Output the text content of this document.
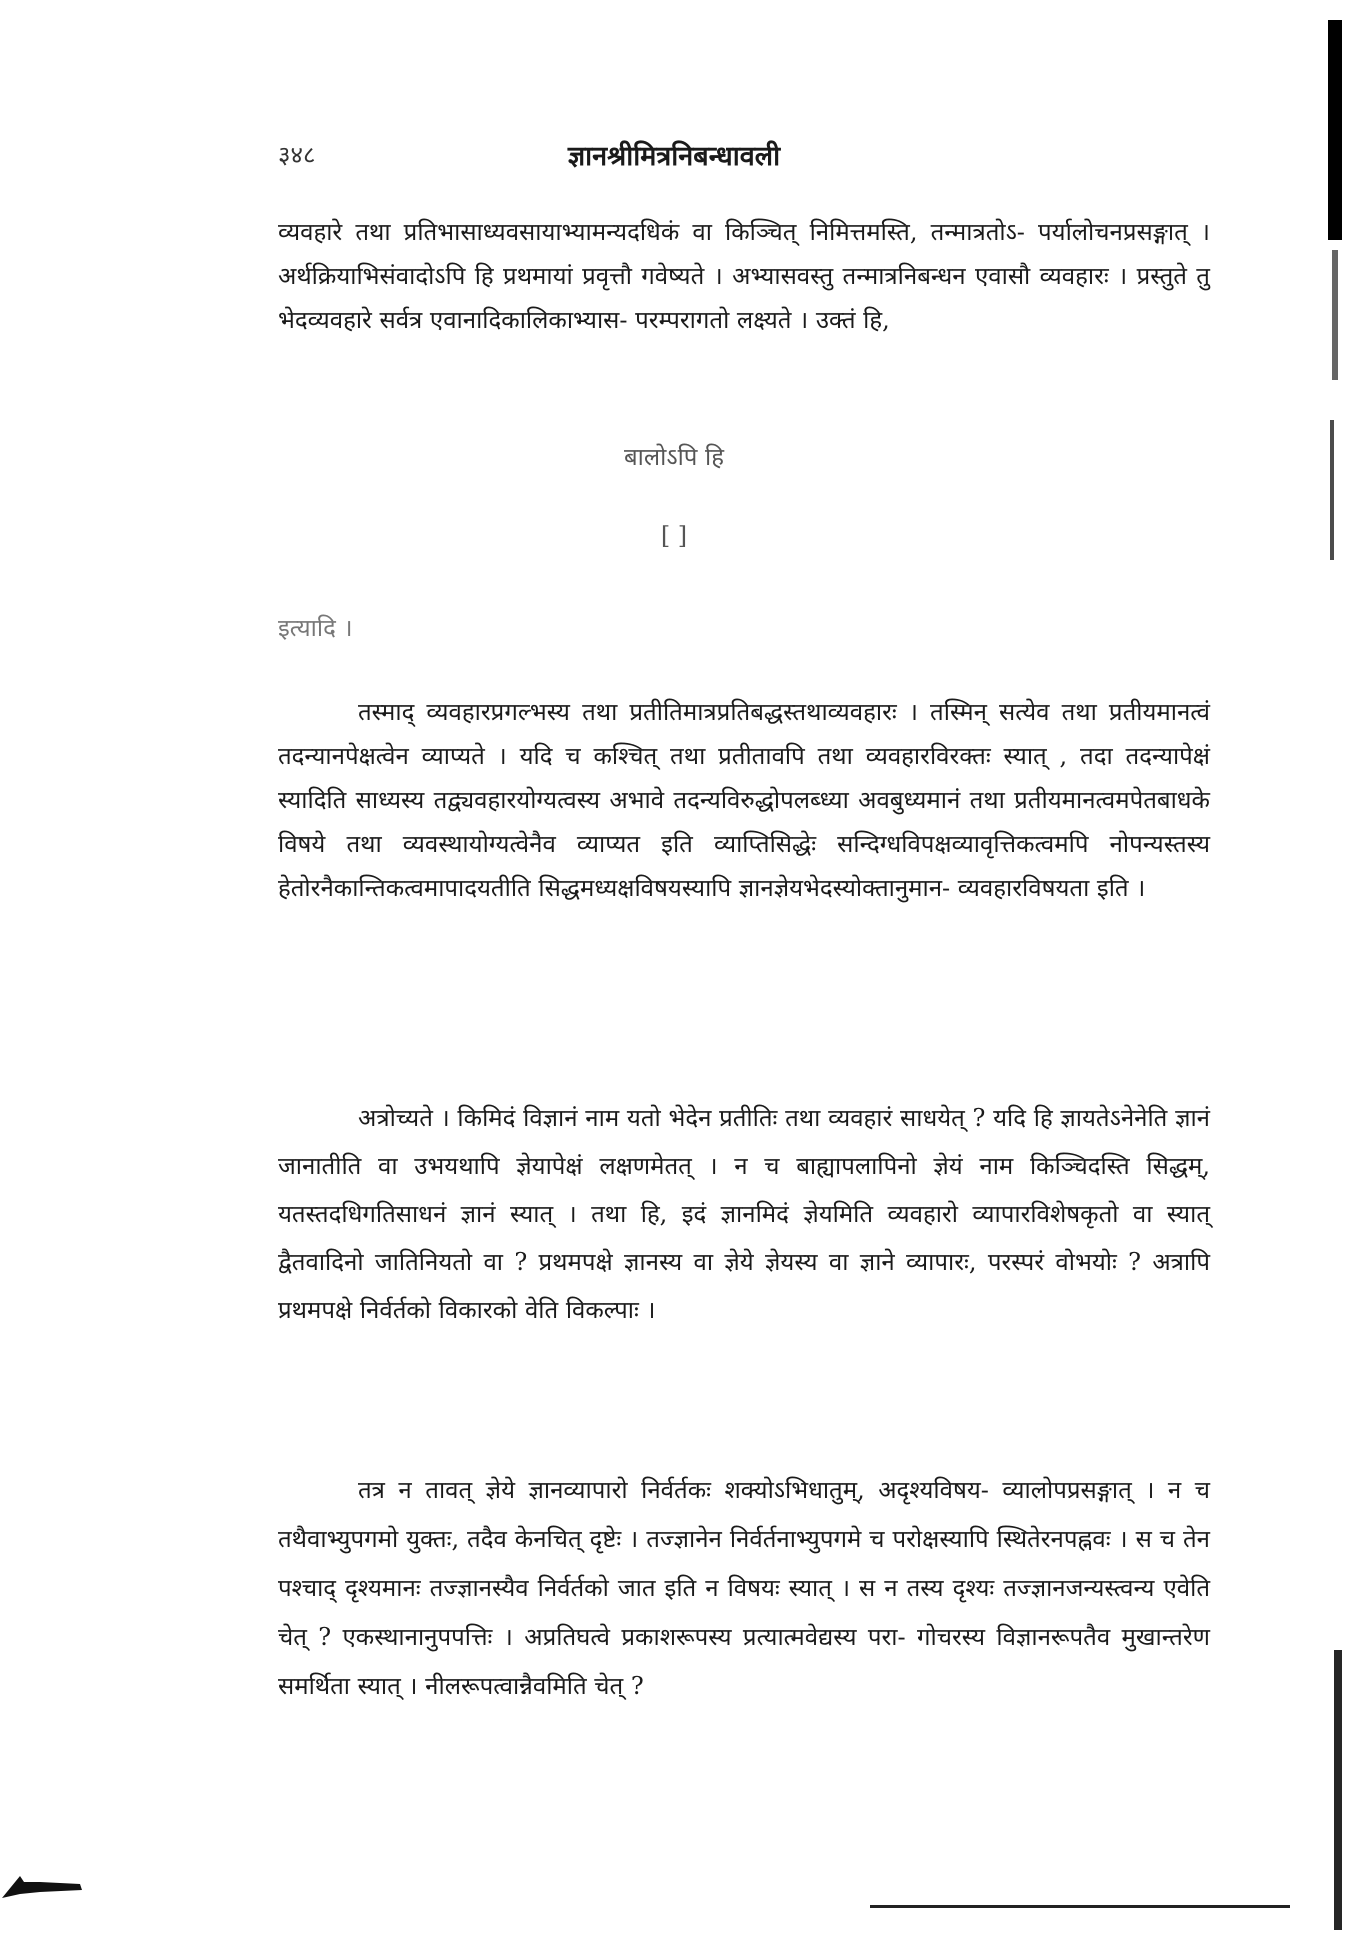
३४८	ज्ञानश्रीमित्रनिबन्धावली

व्यवहारे तथा प्रतिभासाध्यवसायाभ्यामन्यदधिकं वा किञ्चित् निमित्तमस्ति, तन्मात्रतोऽ- पर्यालोचनप्रसङ्गात् । अर्थक्रियाभिसंवादोऽपि हि प्रथमायां प्रवृत्तौ गवेष्यते । अभ्यासवस्तु तन्मात्रनिबन्धन एवासौ व्यवहारः । प्रस्तुते तु भेदव्यवहारे सर्वत्र एवानादिकालिकाभ्यास- परम्परागतो लक्ष्यते । उक्तं हि,

बालोऽपि हि
[ ]

इत्यादि ।

तस्माद् व्यवहारप्रगल्भस्य तथा प्रतीतिमात्रप्रतिबद्धस्तथाव्यवहारः । तस्मिन् सत्येव तथा प्रतीयमानत्वं तदन्यानपेक्षत्वेन व्याप्यते । यदि च कश्चित् तथा प्रतीतावपि तथा व्यवहारविरक्तः स्यात् , तदा तदन्यापेक्षं स्यादिति साध्यस्य तद्व्यवहारयोग्यत्वस्य अभावे तदन्यविरुद्धोपलब्ध्या अवबुध्यमानं तथा प्रतीयमानत्वमपेतबाधके विषये तथा व्यवस्थायोग्यत्वेनैव व्याप्यत इति व्याप्तिसिद्धेः सन्दिग्धविपक्षव्यावृत्तिकत्वमपि नोपन्यस्तस्य हेतोरनैकान्तिकत्वमापादयतीति सिद्धमध्यक्षविषयस्यापि ज्ञानज्ञेयभेदस्योक्तानुमान- व्यवहारविषयता इति ।

अत्रोच्यते । किमिदं विज्ञानं नाम यतो भेदेन प्रतीतिः तथा व्यवहारं साधयेत् ? यदि हि ज्ञायतेऽनेनेति ज्ञानं जानातीति वा उभयथापि ज्ञेयापेक्षं लक्षणमेतत् । न च बाह्यापलापिनो ज्ञेयं नाम किञ्चिदस्ति सिद्धम्, यतस्तदधिगतिसाधनं ज्ञानं स्यात् । तथा हि, इदं ज्ञानमिदं ज्ञेयमिति व्यवहारो व्यापारविशेषकृतो वा स्यात् द्वैतवादिनो जातिनियतो वा ? प्रथमपक्षे ज्ञानस्य वा ज्ञेये ज्ञेयस्य वा ज्ञाने व्यापारः, परस्परं वोभयोः ? अत्रापि प्रथमपक्षे निर्वर्तको विकारको वेति विकल्पाः ।

तत्र न तावत् ज्ञेये ज्ञानव्यापारो निर्वर्तकः शक्योऽभिधातुम्, अदृश्यविषय- व्यालोपप्रसङ्गात् । न च तथैवाभ्युपगमो युक्तः, तदैव केनचित् दृष्टेः । तज्ज्ञानेन निर्वर्तनाभ्युपगमे च परोक्षस्यापि स्थितेरनपह्नवः । स च तेन पश्चाद् दृश्यमानः तज्ज्ञानस्यैव निर्वर्तको जात इति न विषयः स्यात् । स न तस्य दृश्यः तज्ज्ञानजन्यस्त्वन्य एवेति चेत् ? एकस्थानानुपपत्तिः । अप्रतिघत्वे प्रकाशरूपस्य प्रत्यात्मवेद्यस्य परा- गोचरस्य विज्ञानरूपतैव मुखान्तरेण समर्थिता स्यात् । नीलरूपत्वान्नैवमिति चेत् ?
